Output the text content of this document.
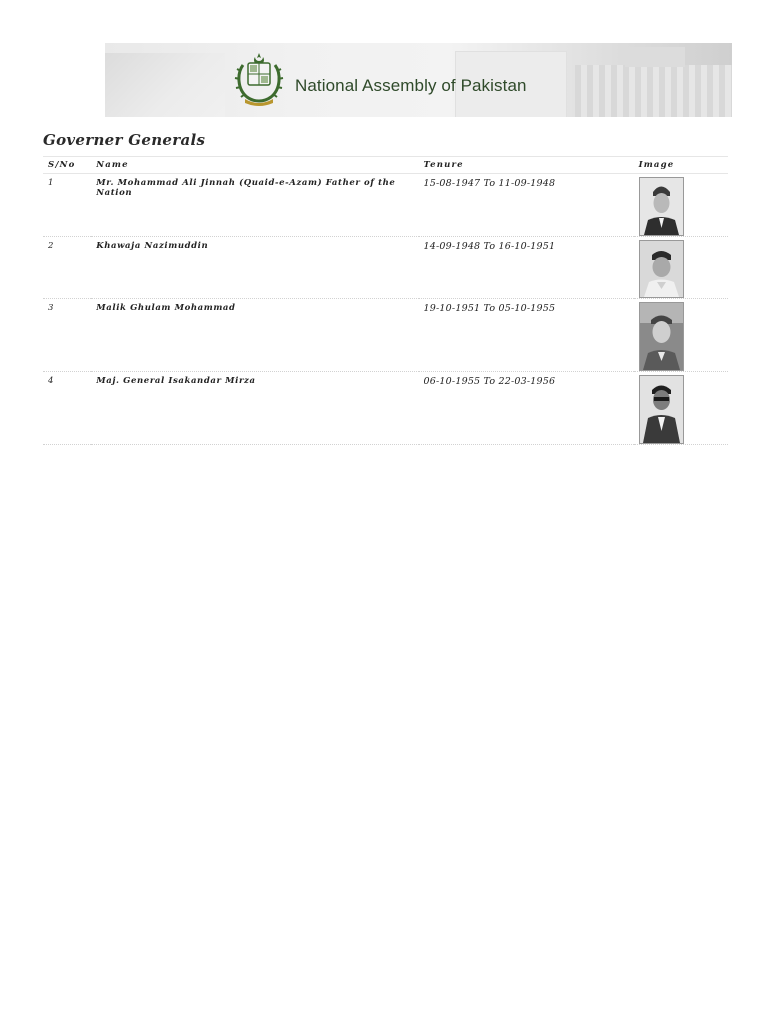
National Assembly of Pakistan
Governer Generals
S/No	Name	Tenure	Image
1	Mr. Mohammad Ali Jinnah (Quaid-e-Azam) Father of the Nation	15-08-1947 To 11-09-1948	

2	Khawaja Nazimuddin	14-09-1948 To 16-10-1951	

3	Malik Ghulam Mohammad	19-10-1951 To 05-10-1955	

4	Maj. General Isakandar Mirza	06-10-1955 To 22-03-1956	
